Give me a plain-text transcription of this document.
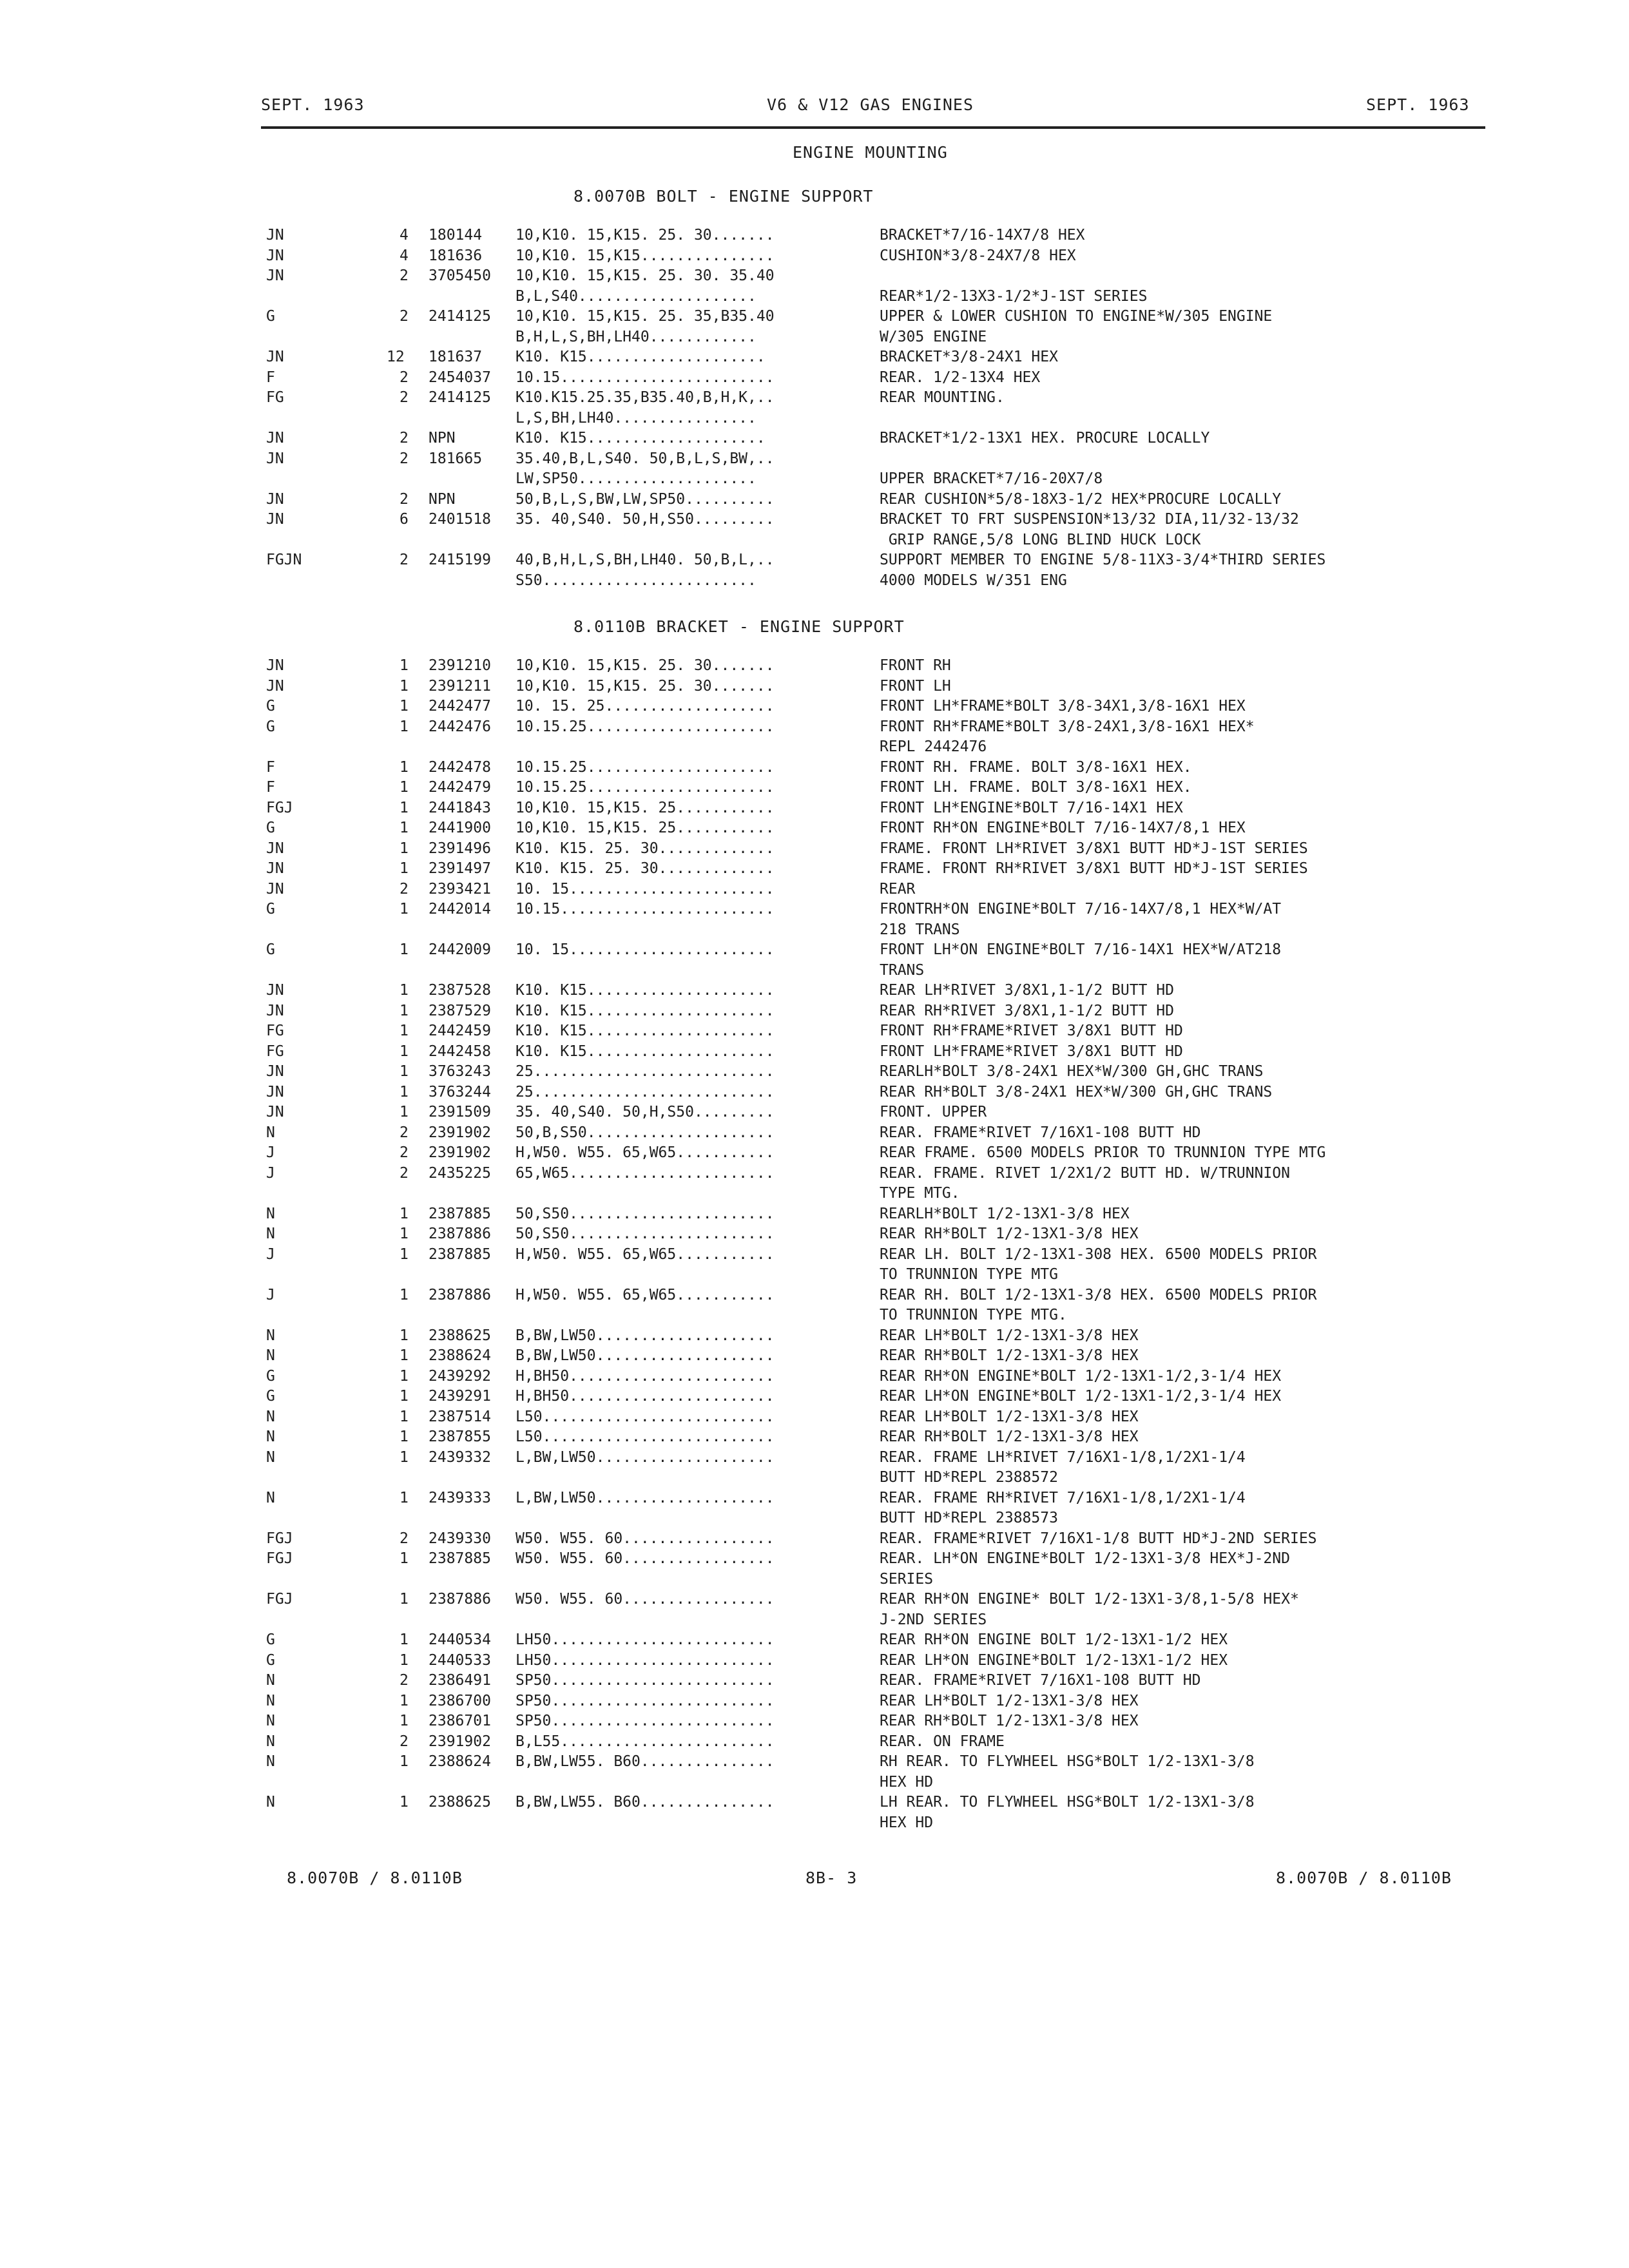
SEPT. 1963	V6 & V12 GAS ENGINES	SEPT. 1963
ENGINE MOUNTING
8.0070B BOLT - ENGINE SUPPORT
JN	4 180144 10,K10. 15,K15. 25. 30.......	BRACKET*7/16-14X7/8 HEX
JN	4 181636 10,K10. 15,K15...............	CUSHION*3/8-24X7/8 HEX
JN	2 3705450 10,K10. 15,K15. 25. 30. 35.40
B,L,S40....................	REAR*1/2-13X3-1/2*J-1ST SERIES
G	2 2414125 10,K10. 15,K15. 25. 35,B35.40	UPPER & LOWER CUSHION TO ENGINE*W/305 ENGINE
B,H,L,S,BH,LH40............	W/305 ENGINE
JN	12 181637 K10. K15....................	BRACKET*3/8-24X1 HEX
F	2 2454037 10.15........................	REAR. 1/2-13X4 HEX
FG	2 2414125 K10.K15.25.35,B35.40,B,H,K,..	REAR MOUNTING.
L,S,BH,LH40................
JN	2 NPN	K10. K15....................	BRACKET*1/2-13X1 HEX. PROCURE LOCALLY
JN	2 181665 35.40,B,L,S40. 50,B,L,S,BW,..
LW,SP50....................	UPPER BRACKET*7/16-20X7/8
JN	2 NPN	50,B,L,S,BW,LW,SP50..........	REAR CUSHION*5/8-18X3-1/2 HEX*PROCURE LOCALLY
JN	6 2401518 35. 40,S40. 50,H,S50.........	BRACKET TO FRT SUSPENSION*13/32 DIA,11/32-13/32
GRIP RANGE,5/8 LONG BLIND HUCK LOCK
FGJN	2 2415199 40,B,H,L,S,BH,LH40. 50,B,L,..	SUPPORT MEMBER TO ENGINE 5/8-11X3-3/4*THIRD SERIES
S50........................	4000 MODELS W/351 ENG
8.0110B BRACKET - ENGINE SUPPORT
JN	1 2391210 10,K10. 15,K15. 25. 30.......	FRONT RH
JN	1 2391211 10,K10. 15,K15. 25. 30.......	FRONT LH
G	1 2442477 10. 15. 25...................	FRONT LH*FRAME*BOLT 3/8-34X1,3/8-16X1 HEX
G	1 2442476 10.15.25.....................	FRONT RH*FRAME*BOLT 3/8-24X1,3/8-16X1 HEX*
REPL 2442476
F	1 2442478 10.15.25.....................	FRONT RH. FRAME. BOLT 3/8-16X1 HEX.
F	1 2442479 10.15.25.....................	FRONT LH. FRAME. BOLT 3/8-16X1 HEX.
FGJ	1 2441843 10,K10. 15,K15. 25...........	FRONT LH*ENGINE*BOLT 7/16-14X1 HEX
G	1 2441900 10,K10. 15,K15. 25...........	FRONT RH*ON ENGINE*BOLT 7/16-14X7/8,1 HEX
JN	1 2391496 K10. K15. 25. 30.............	FRAME. FRONT LH*RIVET 3/8X1 BUTT HD*J-1ST SERIES
JN	1 2391497 K10. K15. 25. 30.............	FRAME. FRONT RH*RIVET 3/8X1 BUTT HD*J-1ST SERIES
JN	2 2393421 10. 15.......................	REAR
G	1 2442014 10.15........................	FRONTRH*ON ENGINE*BOLT 7/16-14X7/8,1 HEX*W/AT
218 TRANS
G	1 2442009 10. 15.......................	FRONT LH*ON ENGINE*BOLT 7/16-14X1 HEX*W/AT218
TRANS
JN	1 2387528 K10. K15.....................	REAR LH*RIVET 3/8X1,1-1/2 BUTT HD
JN	1 2387529 K10. K15.....................	REAR RH*RIVET 3/8X1,1-1/2 BUTT HD
FG	1 2442459 K10. K15.....................	FRONT RH*FRAME*RIVET 3/8X1 BUTT HD
FG	1 2442458 K10. K15.....................	FRONT LH*FRAME*RIVET 3/8X1 BUTT HD
JN	1 3763243 25...........................	REARLH*BOLT 3/8-24X1 HEX*W/300 GH,GHC TRANS
JN	1 3763244 25...........................	REAR RH*BOLT 3/8-24X1 HEX*W/300 GH,GHC TRANS
JN	1 2391509 35. 40,S40. 50,H,S50.........	FRONT. UPPER
N	2 2391902 50,B,S50.....................	REAR. FRAME*RIVET 7/16X1-108 BUTT HD
J	2 2391902 H,W50. W55. 65,W65...........	REAR FRAME. 6500 MODELS PRIOR TO TRUNNION TYPE MTG
J	2 2435225 65,W65.......................	REAR. FRAME. RIVET 1/2X1/2 BUTT HD. W/TRUNNION
TYPE MTG.
N	1 2387885 50,S50.......................	REARLH*BOLT 1/2-13X1-3/8 HEX
N	1 2387886 50,S50.......................	REAR RH*BOLT 1/2-13X1-3/8 HEX
J	1 2387885 H,W50. W55. 65,W65...........	REAR LH. BOLT 1/2-13X1-308 HEX. 6500 MODELS PRIOR
TO TRUNNION TYPE MTG
J	1 2387886 H,W50. W55. 65,W65...........	REAR RH. BOLT 1/2-13X1-3/8 HEX. 6500 MODELS PRIOR
TO TRUNNION TYPE MTG.
N	1 2388625 B,BW,LW50....................	REAR LH*BOLT 1/2-13X1-3/8 HEX
N	1 2388624 B,BW,LW50....................	REAR RH*BOLT 1/2-13X1-3/8 HEX
G	1 2439292 H,BH50.......................	REAR RH*ON ENGINE*BOLT 1/2-13X1-1/2,3-1/4 HEX
G	1 2439291 H,BH50.......................	REAR LH*ON ENGINE*BOLT 1/2-13X1-1/2,3-1/4 HEX
N	1 2387514 L50..........................	REAR LH*BOLT 1/2-13X1-3/8 HEX
N	1 2387855 L50..........................	REAR RH*BOLT 1/2-13X1-3/8 HEX
N	1 2439332 L,BW,LW50....................	REAR. FRAME LH*RIVET 7/16X1-1/8,1/2X1-1/4
BUTT HD*REPL 2388572
N	1 2439333 L,BW,LW50....................	REAR. FRAME RH*RIVET 7/16X1-1/8,1/2X1-1/4
BUTT HD*REPL 2388573
FGJ	2 2439330 W50. W55. 60.................	REAR. FRAME*RIVET 7/16X1-1/8 BUTT HD*J-2ND SERIES
FGJ	1 2387885 W50. W55. 60.................	REAR. LH*ON ENGINE*BOLT 1/2-13X1-3/8 HEX*J-2ND
SERIES
FGJ	1 2387886 W50. W55. 60.................	REAR RH*ON ENGINE* BOLT 1/2-13X1-3/8,1-5/8 HEX*
J-2ND SERIES
G	1 2440534 LH50.........................	REAR RH*ON ENGINE BOLT 1/2-13X1-1/2 HEX
G	1 2440533 LH50.........................	REAR LH*ON ENGINE*BOLT 1/2-13X1-1/2 HEX
N	2 2386491 SP50.........................	REAR. FRAME*RIVET 7/16X1-108 BUTT HD
N	1 2386700 SP50.........................	REAR LH*BOLT 1/2-13X1-3/8 HEX
N	1 2386701 SP50.........................	REAR RH*BOLT 1/2-13X1-3/8 HEX
N	2 2391902 B,L55........................	REAR. ON FRAME
N	1 2388624 B,BW,LW55. B60...............	RH REAR. TO FLYWHEEL HSG*BOLT 1/2-13X1-3/8
HEX HD
N	1 2388625 B,BW,LW55. B60...............	LH REAR. TO FLYWHEEL HSG*BOLT 1/2-13X1-3/8
HEX HD
8.0070B / 8.0110B	8B- 3	8.0070B / 8.0110B
